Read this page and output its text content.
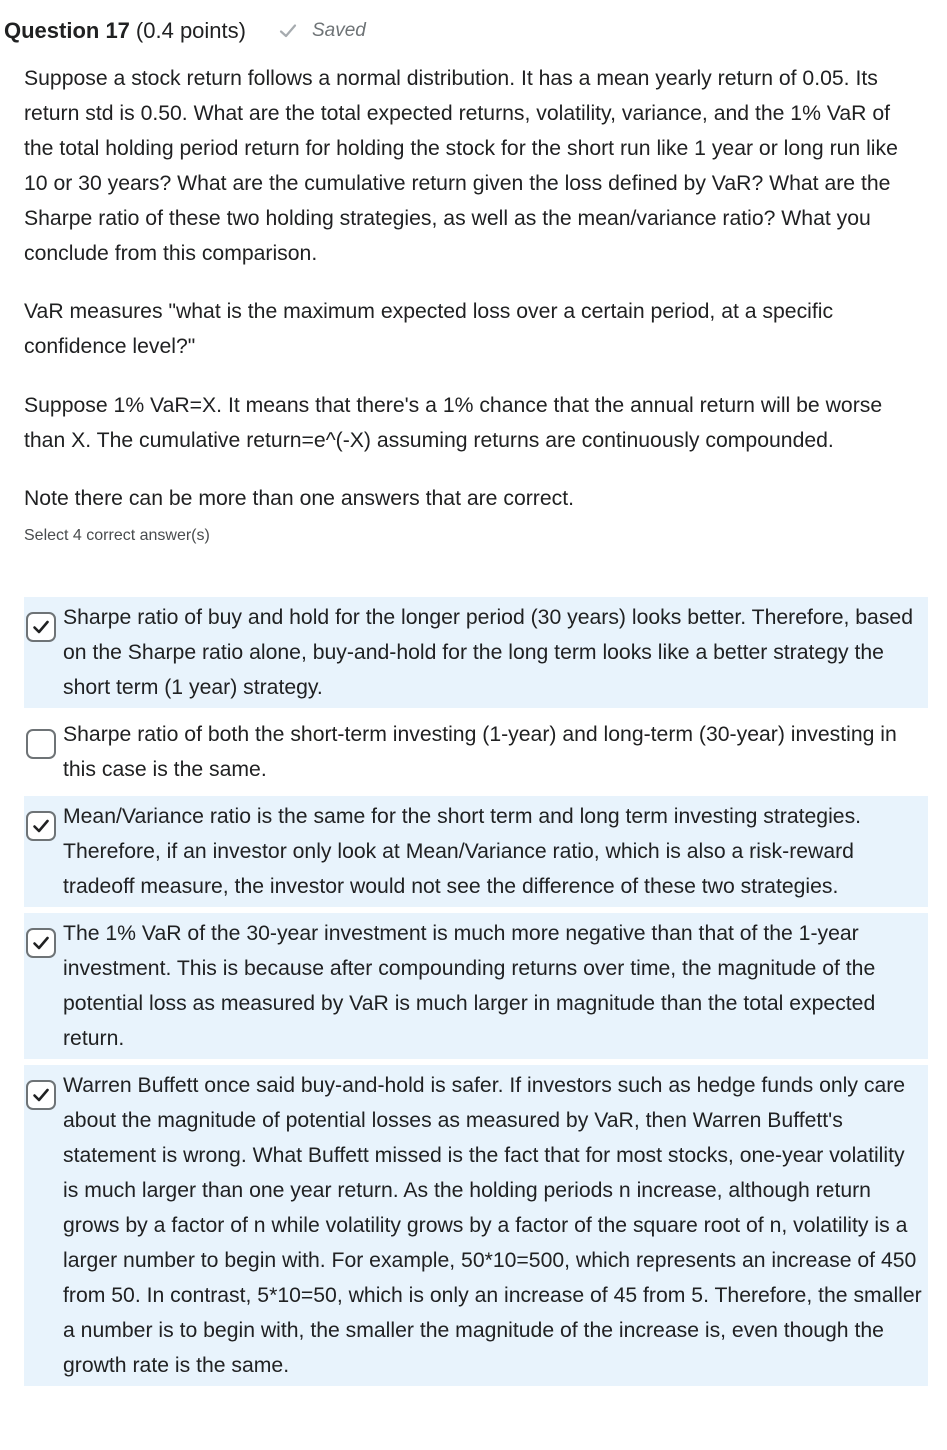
Question 17 (0.4 points)	Saved

Suppose a stock return follows a normal distribution. It has a mean yearly return of 0.05. Its return std is 0.50. What are the total expected returns, volatility, variance, and the 1% VaR of the total holding period return for holding the stock for the short run like 1 year or long run like 10 or 30 years? What are the cumulative return given the loss defined by VaR? What are the Sharpe ratio of these two holding strategies, as well as the mean/variance ratio? What you conclude from this comparison.

VaR measures "what is the maximum expected loss over a certain period, at a specific confidence level?"

Suppose 1% VaR=X. It means that there's a 1% chance that the annual return will be worse than X. The cumulative return=e^(-X) assuming returns are continuously compounded.

Note there can be more than one answers that are correct.

Select 4 correct answer(s)

Sharpe ratio of buy and hold for the longer period (30 years) looks better. Therefore, based on the Sharpe ratio alone, buy-and-hold for the long term looks like a better strategy the short term (1 year) strategy.
Sharpe ratio of both the short-term investing (1-year) and long-term (30-year) investing in this case is the same.
Mean/Variance ratio is the same for the short term and long term investing strategies. Therefore, if an investor only look at Mean/Variance ratio, which is also a risk-reward tradeoff measure, the investor would not see the difference of these two strategies.
The 1% VaR of the 30-year investment is much more negative than that of the 1-year investment. This is because after compounding returns over time, the magnitude of the potential loss as measured by VaR is much larger in magnitude than the total expected return.
Warren Buffett once said buy-and-hold is safer. If investors such as hedge funds only care about the magnitude of potential losses as measured by VaR, then Warren Buffett's statement is wrong. What Buffett missed is the fact that for most stocks, one-year volatility is much larger than one year return. As the holding periods n increase, although return grows by a factor of n while volatility grows by a factor of the square root of n, volatility is a larger number to begin with. For example, 50*10=500, which represents an increase of 450 from 50. In contrast, 5*10=50, which is only an increase of 45 from 5. Therefore, the smaller a number is to begin with, the smaller the magnitude of the increase is, even though the growth rate is the same.
